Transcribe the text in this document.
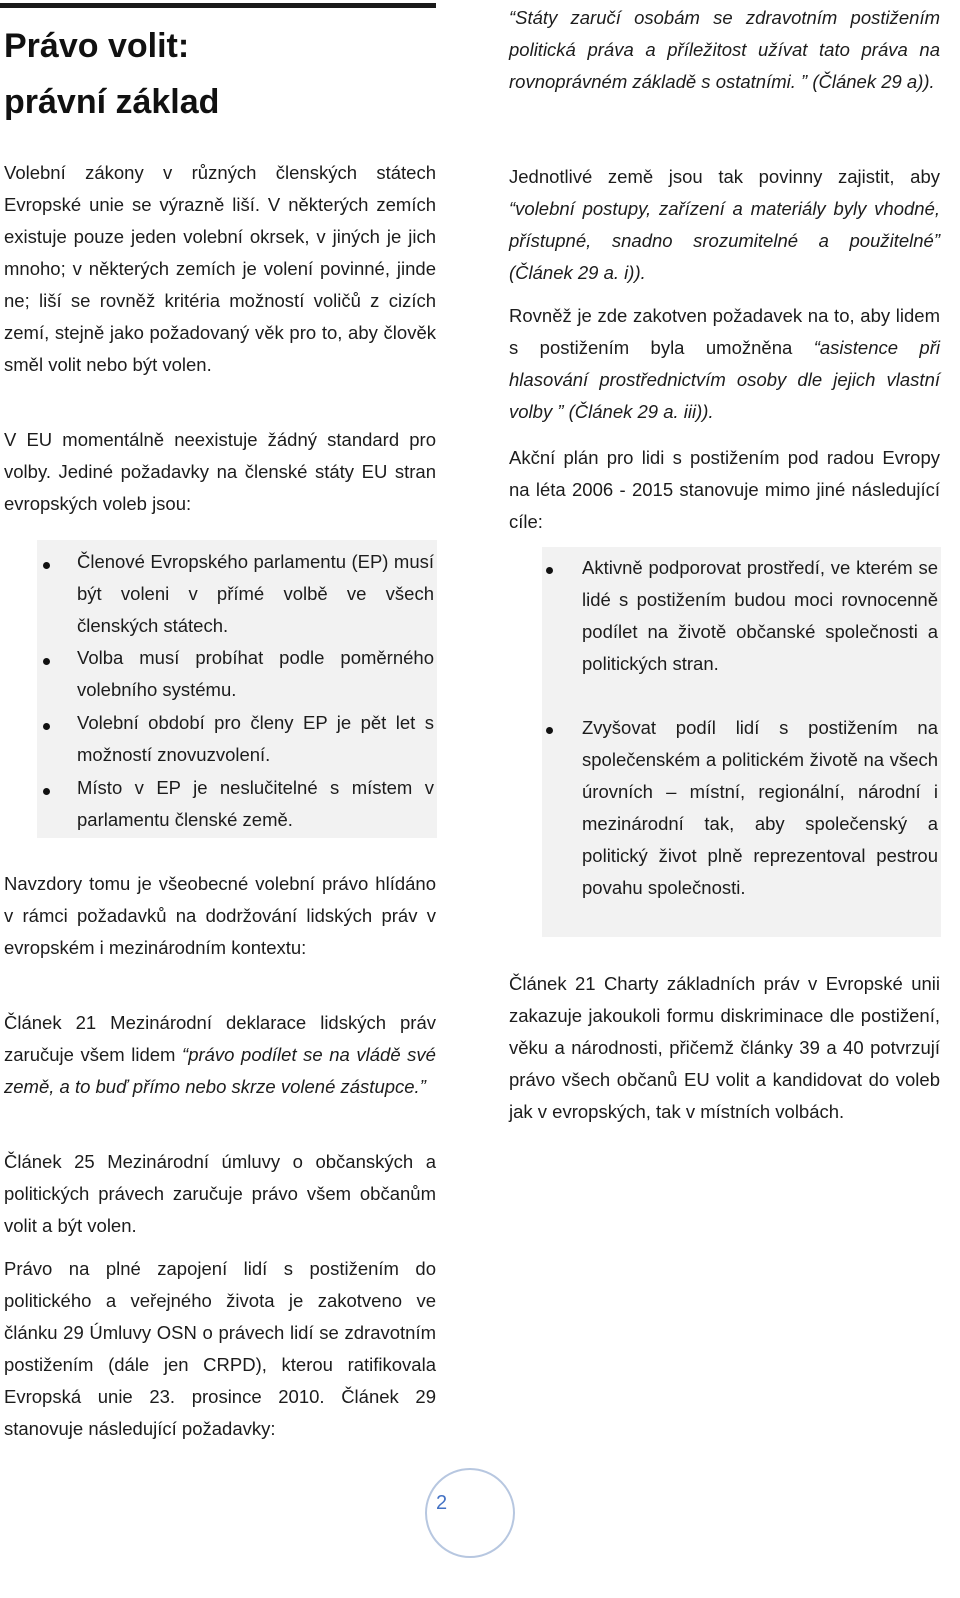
Právo volit:
právní základ

Volební zákony v různých členských státech Evropské unie se výrazně liší. V některých zemích existuje pouze jeden volební okrsek, v jiných je jich mnoho; v některých zemích je volení povinné, jinde ne; liší se rovněž kritéria možností voličů z cizích zemí, stejně jako požadovaný věk pro to, aby člověk směl volit nebo být volen.

V EU momentálně neexistuje žádný standard pro volby. Jediné požadavky na členské státy EU stran evropských voleb jsou:

Členové Evropského parlamentu (EP) musí být voleni v přímé volbě ve všech členských státech.

Volba musí probíhat podle poměrného volebního systému.

Volební období pro členy EP je pět let s možností znovuzvolení.

Místo v EP je neslučitelné s místem v parlamentu členské země.

Navzdory tomu je všeobecné volební právo hlídáno v rámci požadavků na dodržování lidských práv v evropském i mezinárodním kontextu:

Článek 21 Mezinárodní deklarace lidských práv zaručuje všem lidem “právo podílet se na vládě své země, a to buď přímo nebo skrze volené zástupce.”

Článek 25 Mezinárodní úmluvy o občanských a politických právech zaručuje právo všem občanům volit a být volen.

Právo na plné zapojení lidí s postižením do politického a veřejného života je zakotveno ve článku 29 Úmluvy OSN o právech lidí se zdravotním postižením (dále jen CRPD), kterou ratifikovala Evropská unie 23. prosince 2010. Článek 29 stanovuje následující požadavky:

“Státy zaručí osobám se zdravotním postižením politická práva a příležitost užívat tato práva na rovnoprávném základě s ostatními. ” (Článek 29 a)).

Jednotlivé země jsou tak povinny zajistit, aby “volební postupy, zařízení a materiály byly vhodné, přístupné, snadno srozumitelné a použitelné” (Článek 29 a. i)).

Rovněž je zde zakotven požadavek na to, aby lidem s postižením byla umožněna “asistence při hlasování prostřednictvím osoby dle jejich vlastní volby ” (Článek 29 a. iii)).

Akční plán pro lidi s postižením pod radou Evropy na léta 2006 - 2015 stanovuje mimo jiné následující cíle:

Aktivně podporovat prostředí, ve kterém se lidé s postižením budou moci rovnocenně podílet na životě občanské společnosti a politických stran.

Zvyšovat podíl lidí s postižením na společenském a politickém životě na všech úrovních – místní, regionální, národní i mezinárodní tak, aby společenský a politický život plně reprezentoval pestrou povahu společnosti.

Článek 21 Charty základních práv v Evropské unii zakazuje jakoukoli formu diskriminace dle postižení, věku a národnosti, přičemž články 39 a 40 potvrzují právo všech občanů EU volit a kandidovat do voleb jak v evropských, tak v místních volbách.

2
